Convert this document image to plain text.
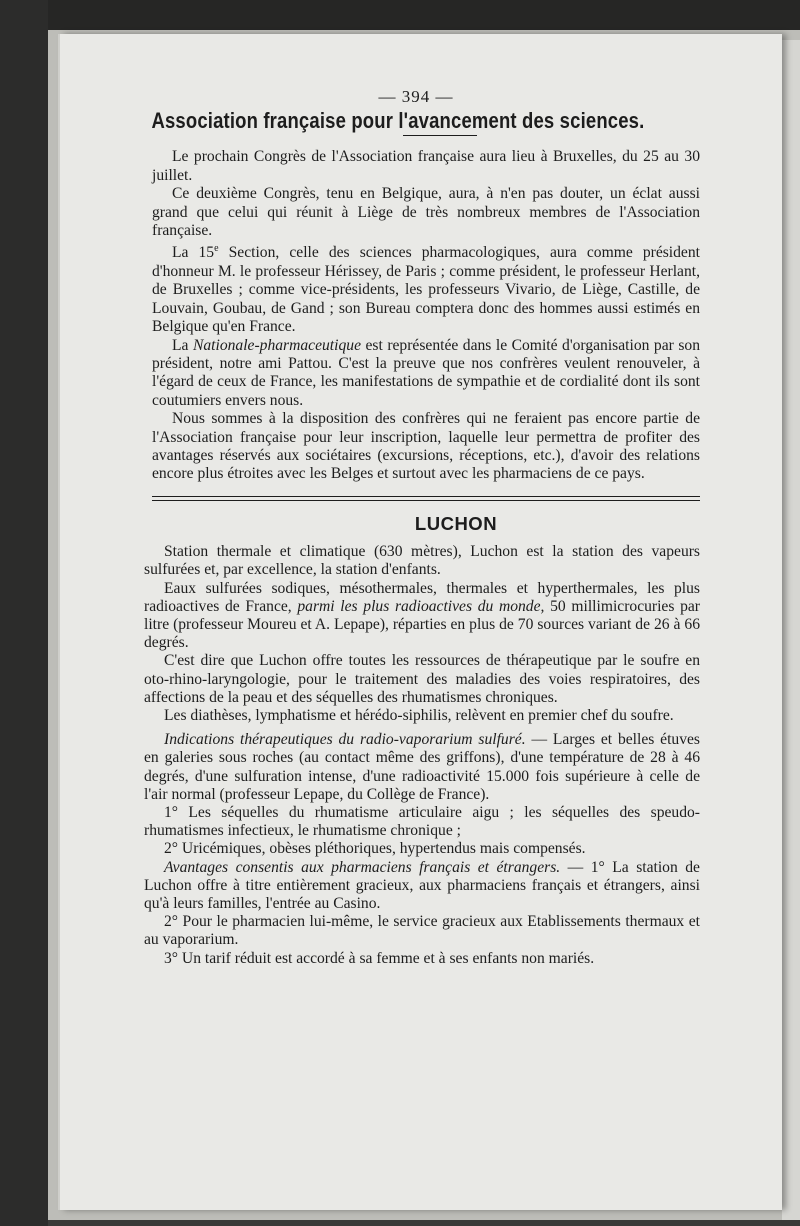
— 394 —
Association française pour l'avancement des sciences.

Le prochain Congrès de l'Association française aura lieu à Bruxelles, du 25 au 30 juillet.

Ce deuxième Congrès, tenu en Belgique, aura, à n'en pas douter, un éclat aussi grand que celui qui réunit à Liège de très nombreux membres de l'Association française.

La 15e Section, celle des sciences pharmacologiques, aura comme président d'honneur M. le professeur Hérissey, de Paris ; comme président, le professeur Herlant, de Bruxelles ; comme vice-présidents, les professeurs Vivario, de Liège, Castille, de Louvain, Goubau, de Gand ; son Bureau comptera donc des hommes aussi estimés en Belgique qu'en France.

La Nationale-pharmaceutique est représentée dans le Comité d'organisation par son président, notre ami Pattou. C'est la preuve que nos confrères veulent renouveler, à l'égard de ceux de France, les manifestations de sympathie et de cordialité dont ils sont coutumiers envers nous.

Nous sommes à la disposition des confrères qui ne feraient pas encore partie de l'Association française pour leur inscription, laquelle leur permettra de profiter des avantages réservés aux sociétaires (excursions, réceptions, etc.), d'avoir des relations encore plus étroites avec les Belges et surtout avec les pharmaciens de ce pays.

LUCHON

Station thermale et climatique (630 mètres), Luchon est la station des vapeurs sulfurées et, par excellence, la station d'enfants.

Eaux sulfurées sodiques, mésothermales, thermales et hyperthermales, les plus radioactives de France, parmi les plus radioactives du monde, 50 millimicrocuries par litre (professeur Moureu et A. Lepape), réparties en plus de 70 sources variant de 26 à 66 degrés.

C'est dire que Luchon offre toutes les ressources de thérapeutique par le soufre en oto-rhino-laryngologie, pour le traitement des maladies des voies respiratoires, des affections de la peau et des séquelles des rhumatismes chroniques.

Les diathèses, lymphatisme et hérédo-siphilis, relèvent en premier chef du soufre.

Indications thérapeutiques du radio-vaporarium sulfuré. — Larges et belles étuves en galeries sous roches (au contact même des griffons), d'une température de 28 à 46 degrés, d'une sulfuration intense, d'une radioactivité 15.000 fois supérieure à celle de l'air normal (professeur Lepape, du Collège de France).

1° Les séquelles du rhumatisme articulaire aigu ; les séquelles des speudo-rhumatismes infectieux, le rhumatisme chronique ;

2° Uricémiques, obèses pléthoriques, hypertendus mais compensés.

Avantages consentis aux pharmaciens français et étrangers. — 1° La station de Luchon offre à titre entièrement gracieux, aux pharmaciens français et étrangers, ainsi qu'à leurs familles, l'entrée au Casino.

2° Pour le pharmacien lui-même, le service gracieux aux Etablissements thermaux et au vaporarium.

3° Un tarif réduit est accordé à sa femme et à ses enfants non mariés.
